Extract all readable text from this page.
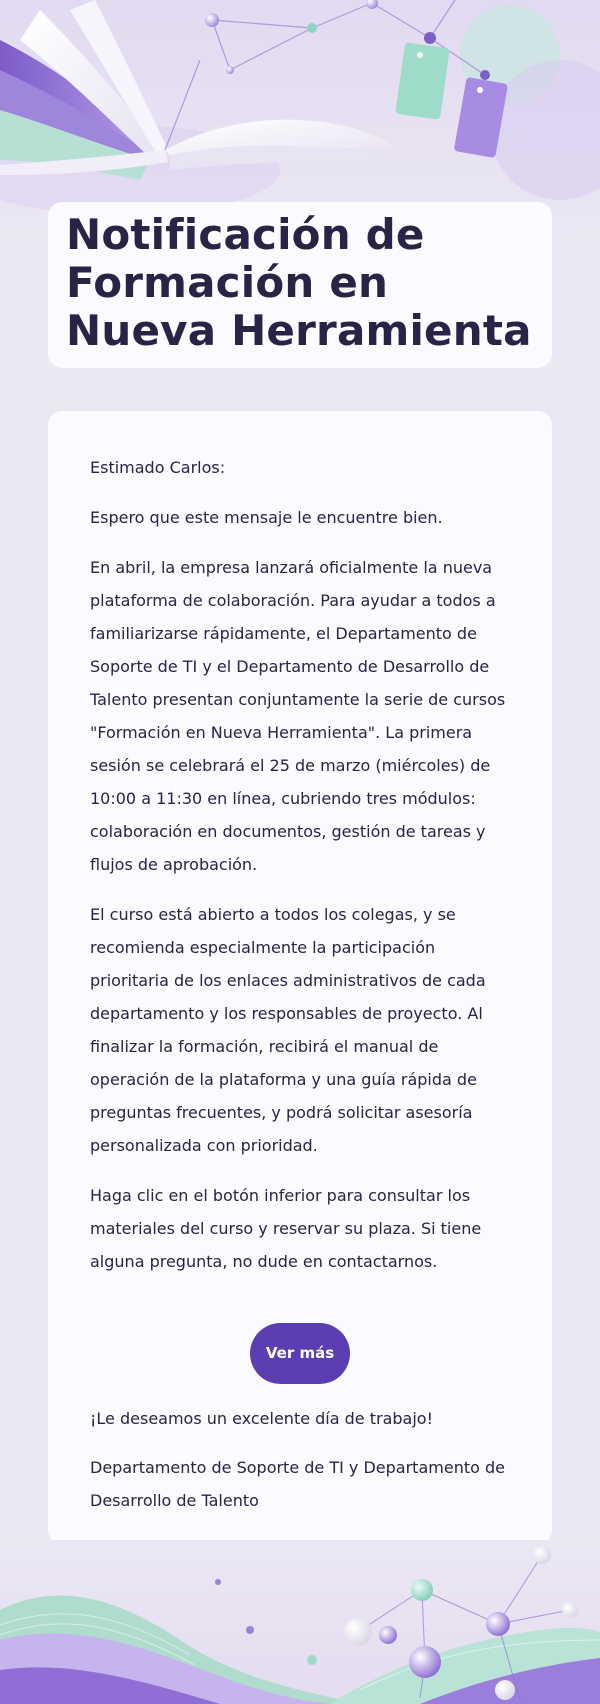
Notificación de Formación en Nueva Herramienta

Estimado Carlos:

Espero que este mensaje le encuentre bien.

En abril, la empresa lanzará oficialmente la nueva plataforma de colaboración. Para ayudar a todos a familiarizarse rápidamente, el Departamento de Soporte de TI y el Departamento de Desarrollo de Talento presentan conjuntamente la serie de cursos "Formación en Nueva Herramienta". La primera sesión se celebrará el 25 de marzo (miércoles) de 10:00 a 11:30 en línea, cubriendo tres módulos: colaboración en documentos, gestión de tareas y flujos de aprobación.

El curso está abierto a todos los colegas, y se recomienda especialmente la participación prioritaria de los enlaces administrativos de cada departamento y los responsables de proyecto. Al finalizar la formación, recibirá el manual de operación de la plataforma y una guía rápida de preguntas frecuentes, y podrá solicitar asesoría personalizada con prioridad.

Haga clic en el botón inferior para consultar los materiales del curso y reservar su plaza. Si tiene alguna pregunta, no dude en contactarnos.

Ver más

¡Le deseamos un excelente día de trabajo!

Departamento de Soporte de TI y Departamento de Desarrollo de Talento
